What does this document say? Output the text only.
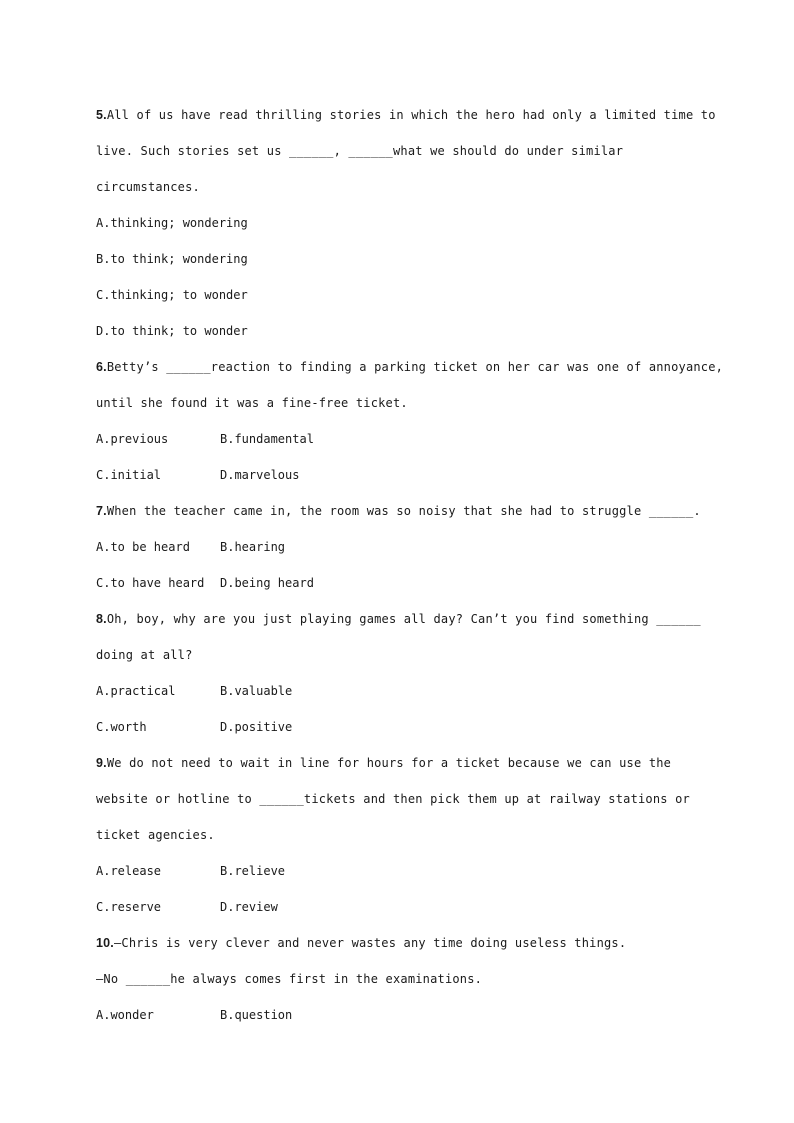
5.All of us have read thrilling stories in which the hero had only a limited time to
live. Such stories set us ______, ______what we should do under similar
circumstances.
A.thinking; wondering
B.to think; wondering
C.thinking; to wonder
D.to think; to wonder
6.Betty’s ______reaction to finding a parking ticket on her car was one of annoyance,
until she found it was a fine-free ticket.
A.previous	B.fundamental
C.initial	D.marvelous
7.When the teacher came in, the room was so noisy that she had to struggle ______.
A.to be heard	B.hearing
C.to have heard D.being heard
8.Oh, boy, why are you just playing games all day? Can’t you find something ______
doing at all?
A.practical	B.valuable
C.worth	D.positive
9.We do not need to wait in line for hours for a ticket because we can use the
website or hotline to ______tickets and then pick them up at railway stations or
ticket agencies.
A.release	B.relieve
C.reserve	D.review
10.—Chris is very clever and never wastes any time doing useless things.
—No ______he always comes first in the examinations.
A.wonder	B.question
